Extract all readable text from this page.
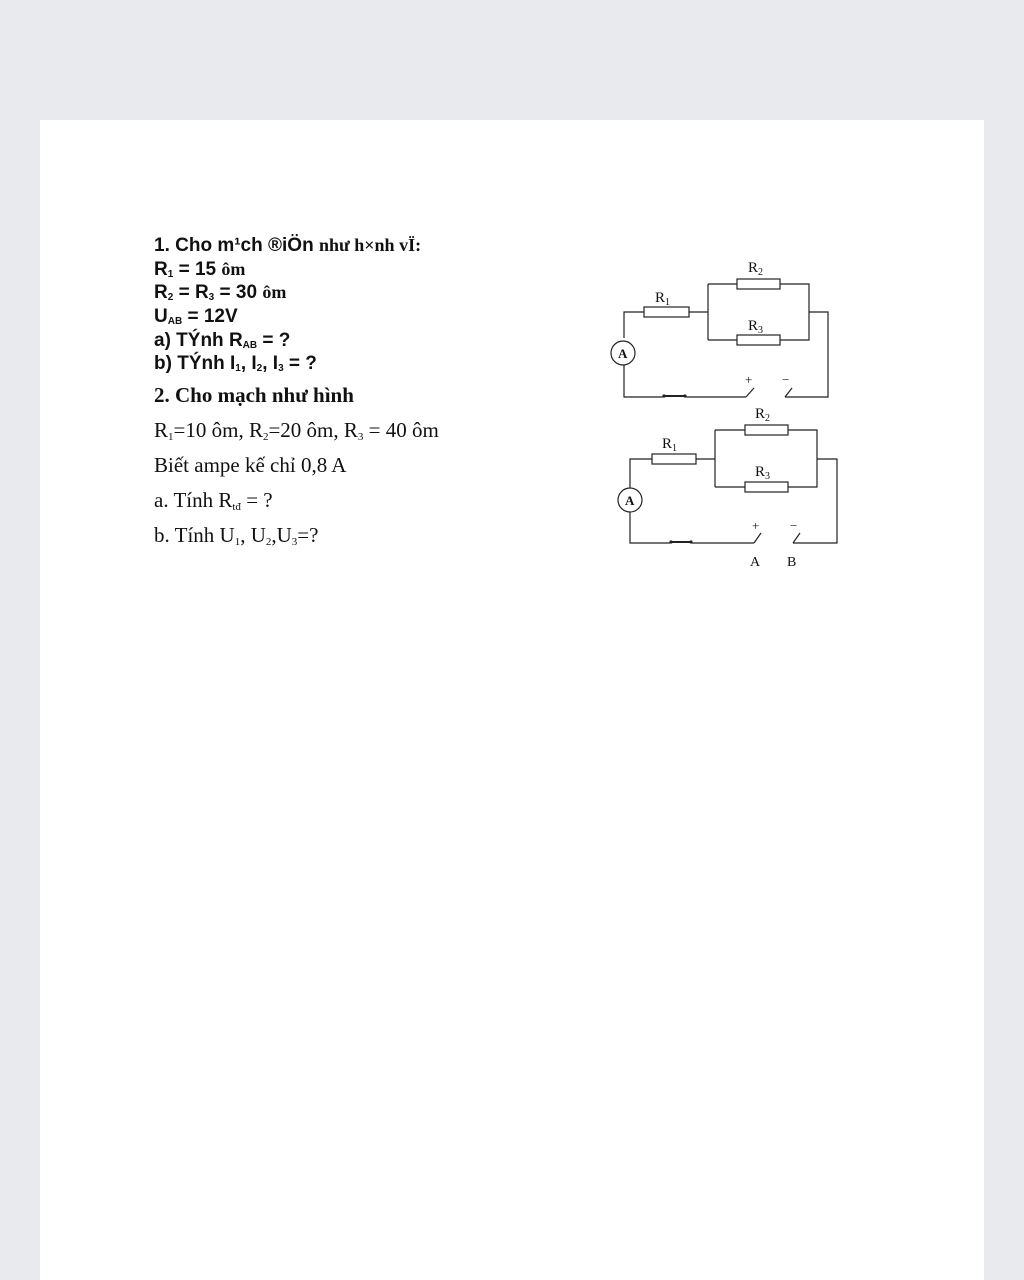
1. Cho m¹ch ®iÖn như h×nh vÏ:
$R_1 = 15$ ôm
$R_2 = R_3 = 30$ ôm
$U_{AB} = 12V$
a) TÝnh $R_{AB}$ = ?
b) TÝnh $I_1$, $I_2$, $I_3$ = ?
2. Cho mạch như hình
$R_1=10$ ôm, $R_2=20$ ôm, $R_3 = 40$ ôm
Biết ampe kế chỉ 0,8 A
a. Tính $R_{tđ}$ = ?
b. Tính $U_1$, $U_2,U_3=$?
$R_1$
$R_2$
$R_3$
A
+ −
$R_1$
$R_2$
$R_3$
A
+ −
A B
